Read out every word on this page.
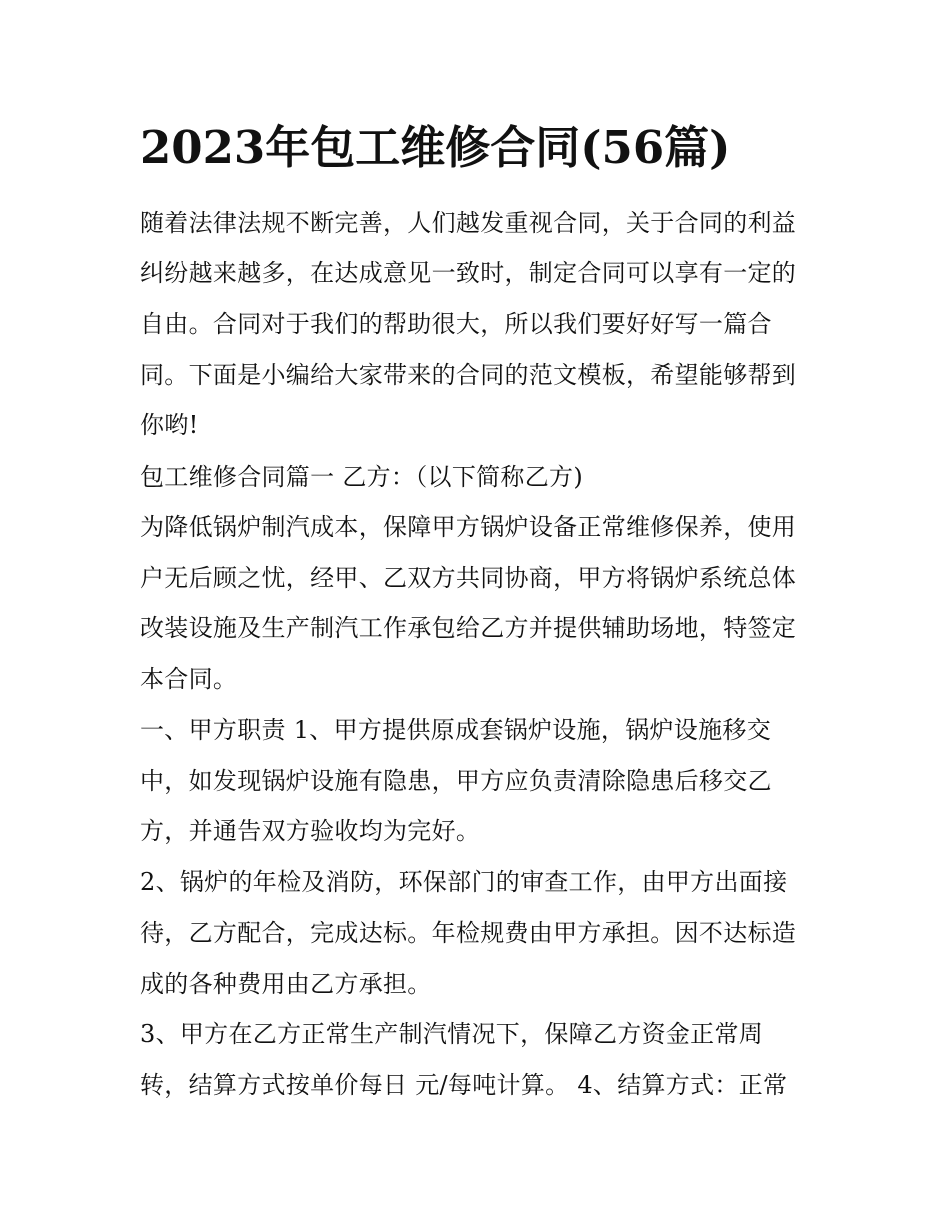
2023年包工维修合同(56篇)
随着法律法规不断完善，人们越发重视合同，关于合同的利益
纠纷越来越多，在达成意见一致时，制定合同可以享有一定的
自由。合同对于我们的帮助很大，所以我们要好好写一篇合
同。下面是小编给大家带来的合同的范文模板，希望能够帮到
你哟!
包工维修合同篇一 乙方：（以下简称乙方)
为降低锅炉制汽成本，保障甲方锅炉设备正常维修保养，使用
户无后顾之忧，经甲、乙双方共同协商，甲方将锅炉系统总体
改装设施及生产制汽工作承包给乙方并提供辅助场地，特签定
本合同。
一、甲方职责 1、甲方提供原成套锅炉设施，锅炉设施移交
中，如发现锅炉设施有隐患，甲方应负责清除隐患后移交乙
方，并通告双方验收均为完好。
2、锅炉的年检及消防，环保部门的审查工作，由甲方出面接
待，乙方配合，完成达标。年检规费由甲方承担。因不达标造
成的各种费用由乙方承担。
3、甲方在乙方正常生产制汽情况下，保障乙方资金正常周
转，结算方式按单价每日 元/每吨计算。 4、结算方式：正常
